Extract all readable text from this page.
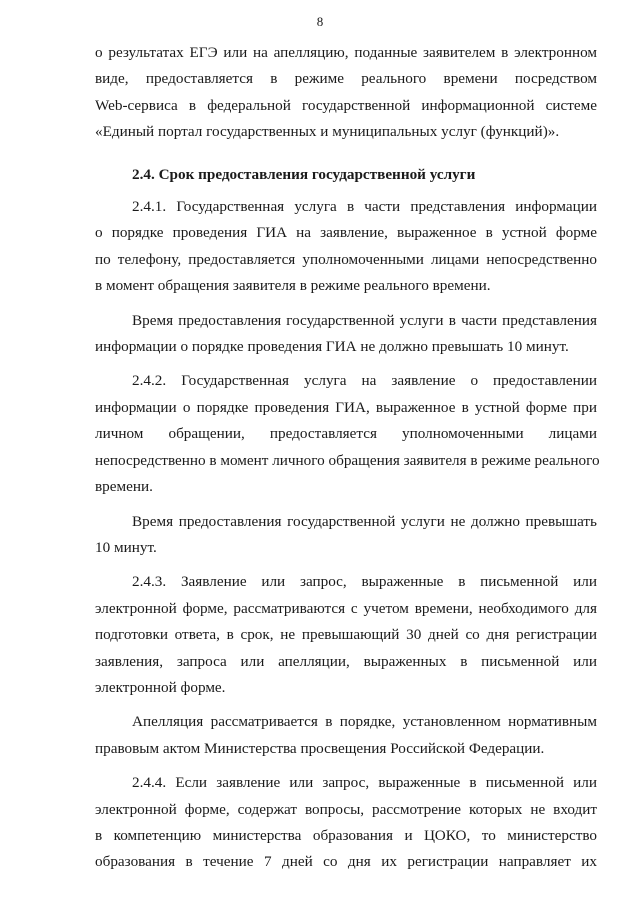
8
о результатах ЕГЭ или на апелляцию, поданные заявителем в электронном
виде, предоставляется в режиме реального времени посредством
Web-сервиса в федеральной государственной информационной системе
«Единый портал государственных и муниципальных услуг (функций)».
2.4. Срок предоставления государственной услуги
2.4.1. Государственная услуга в части представления информации
о порядке проведения ГИА на заявление, выраженное в устной форме
по телефону, предоставляется уполномоченными лицами непосредственно
в момент обращения заявителя в режиме реального времени.
Время предоставления государственной услуги в части представления
информации о порядке проведения ГИА не должно превышать 10 минут.
2.4.2. Государственная услуга на заявление о предоставлении
информации о порядке проведения ГИА, выраженное в устной форме при
личном обращении, предоставляется уполномоченными лицами
непосредственно в момент личного обращения заявителя в режиме реального
времени.
Время предоставления государственной услуги не должно превышать
10 минут.
2.4.3. Заявление или запрос, выраженные в письменной или
электронной форме, рассматриваются с учетом времени, необходимого для
подготовки ответа, в срок, не превышающий 30 дней со дня регистрации
заявления, запроса или апелляции, выраженных в письменной или
электронной форме.
Апелляция рассматривается в порядке, установленном нормативным
правовым актом Министерства просвещения Российской Федерации.
2.4.4. Если заявление или запрос, выраженные в письменной или
электронной форме, содержат вопросы, рассмотрение которых не входит
в компетенцию министерства образования и ЦОКО, то министерство
образования в течение 7 дней со дня их регистрации направляет их
